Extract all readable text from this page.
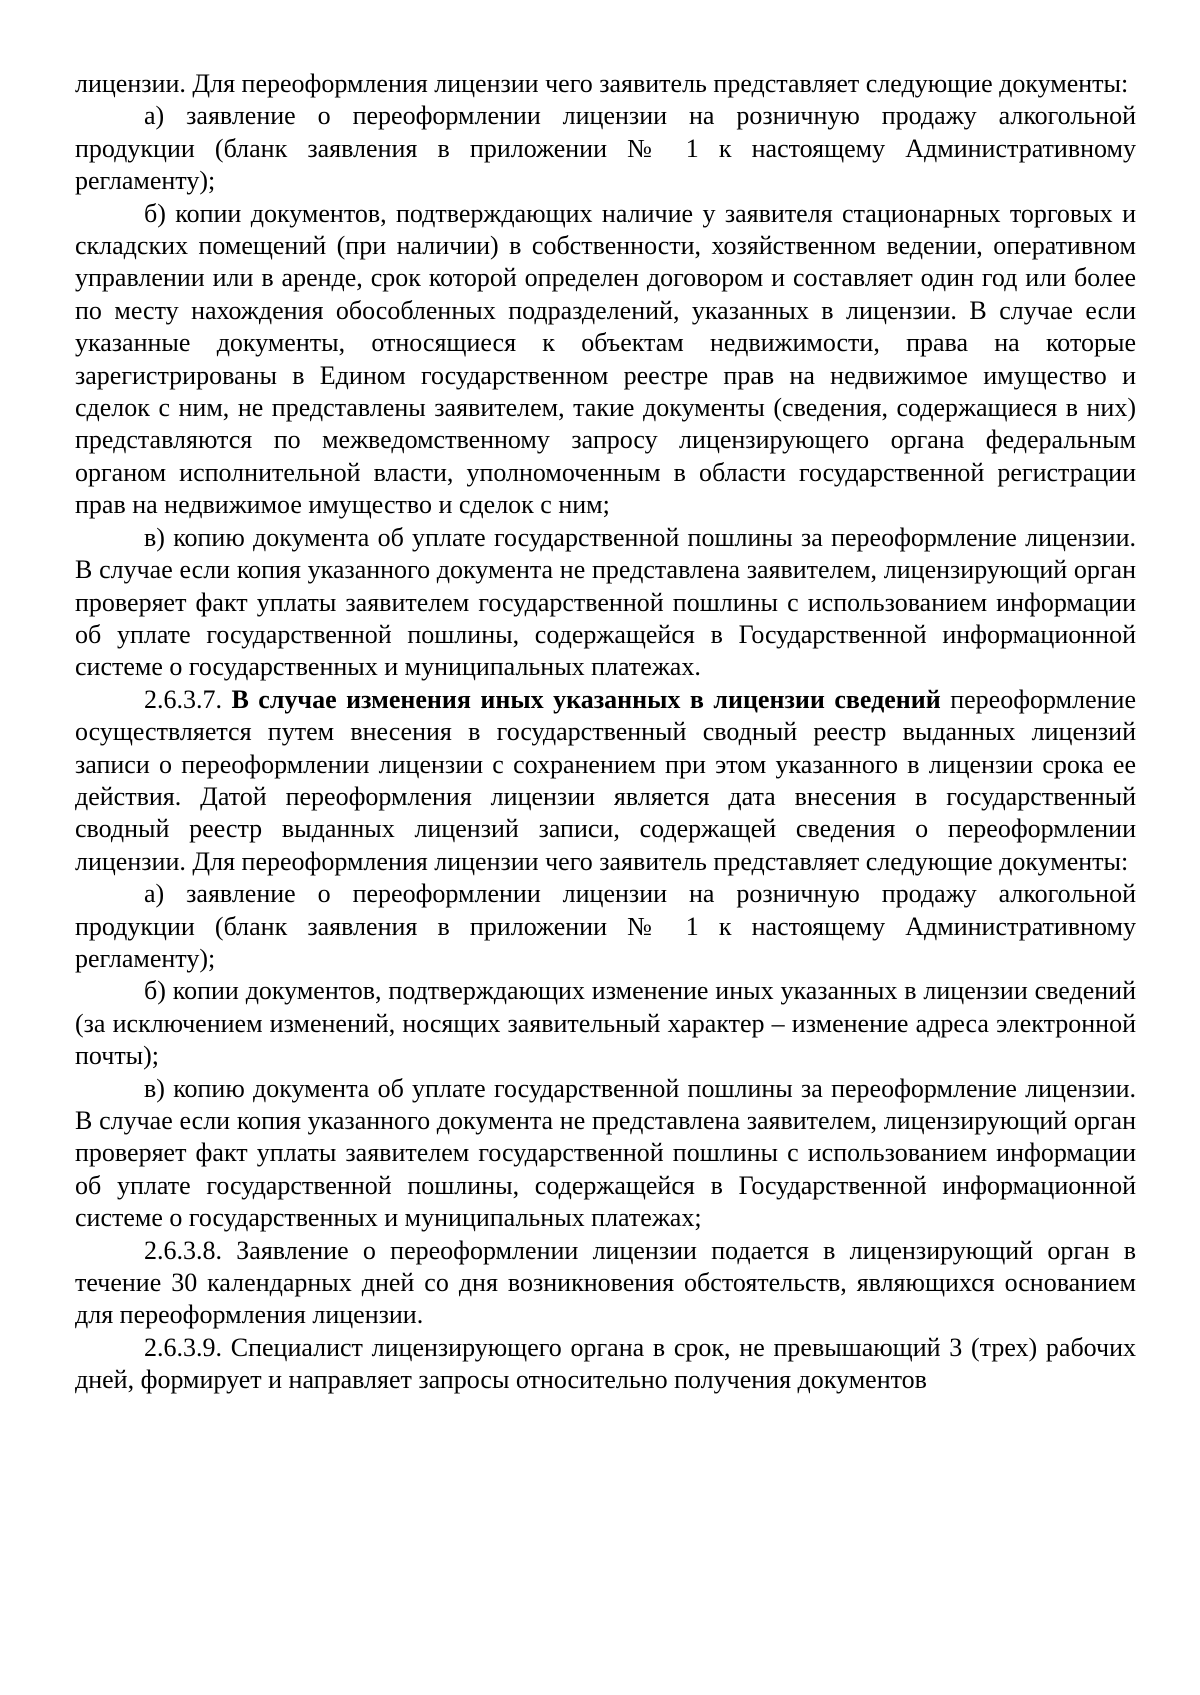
лицензии. Для переоформления лицензии чего заявитель представляет следующие документы:

а) заявление о переоформлении лицензии на розничную продажу алкогольной продукции (бланк заявления в приложении № 1 к настоящему Административному регламенту);

б) копии документов, подтверждающих наличие у заявителя стационарных торговых и складских помещений (при наличии) в собственности, хозяйственном ведении, оперативном управлении или в аренде, срок которой определен договором и составляет один год или более по месту нахождения обособленных подразделений, указанных в лицензии. В случае если указанные документы, относящиеся к объектам недвижимости, права на которые зарегистрированы в Едином государственном реестре прав на недвижимое имущество и сделок с ним, не представлены заявителем, такие документы (сведения, содержащиеся в них) представляются по межведомственному запросу лицензирующего органа федеральным органом исполнительной власти, уполномоченным в области государственной регистрации прав на недвижимое имущество и сделок с ним;

в) копию документа об уплате государственной пошлины за переоформление лицензии. В случае если копия указанного документа не представлена заявителем, лицензирующий орган проверяет факт уплаты заявителем государственной пошлины с использованием информации об уплате государственной пошлины, содержащейся в Государственной информационной системе о государственных и муниципальных платежах.

2.6.3.7. В случае изменения иных указанных в лицензии сведений переоформление осуществляется путем внесения в государственный сводный реестр выданных лицензий записи о переоформлении лицензии с сохранением при этом указанного в лицензии срока ее действия. Датой переоформления лицензии является дата внесения в государственный сводный реестр выданных лицензий записи, содержащей сведения о переоформлении лицензии. Для переоформления лицензии чего заявитель представляет следующие документы:

а) заявление о переоформлении лицензии на розничную продажу алкогольной продукции (бланк заявления в приложении № 1 к настоящему Административному регламенту);

б) копии документов, подтверждающих изменение иных указанных в лицензии сведений (за исключением изменений, носящих заявительный характер – изменение адреса электронной почты);

в) копию документа об уплате государственной пошлины за переоформление лицензии. В случае если копия указанного документа не представлена заявителем, лицензирующий орган проверяет факт уплаты заявителем государственной пошлины с использованием информации об уплате государственной пошлины, содержащейся в Государственной информационной системе о государственных и муниципальных платежах;

2.6.3.8. Заявление о переоформлении лицензии подается в лицензирующий орган в течение 30 календарных дней со дня возникновения обстоятельств, являющихся основанием для переоформления лицензии.

2.6.3.9. Специалист лицензирующего органа в срок, не превышающий 3 (трех) рабочих дней, формирует и направляет запросы относительно получения документов
